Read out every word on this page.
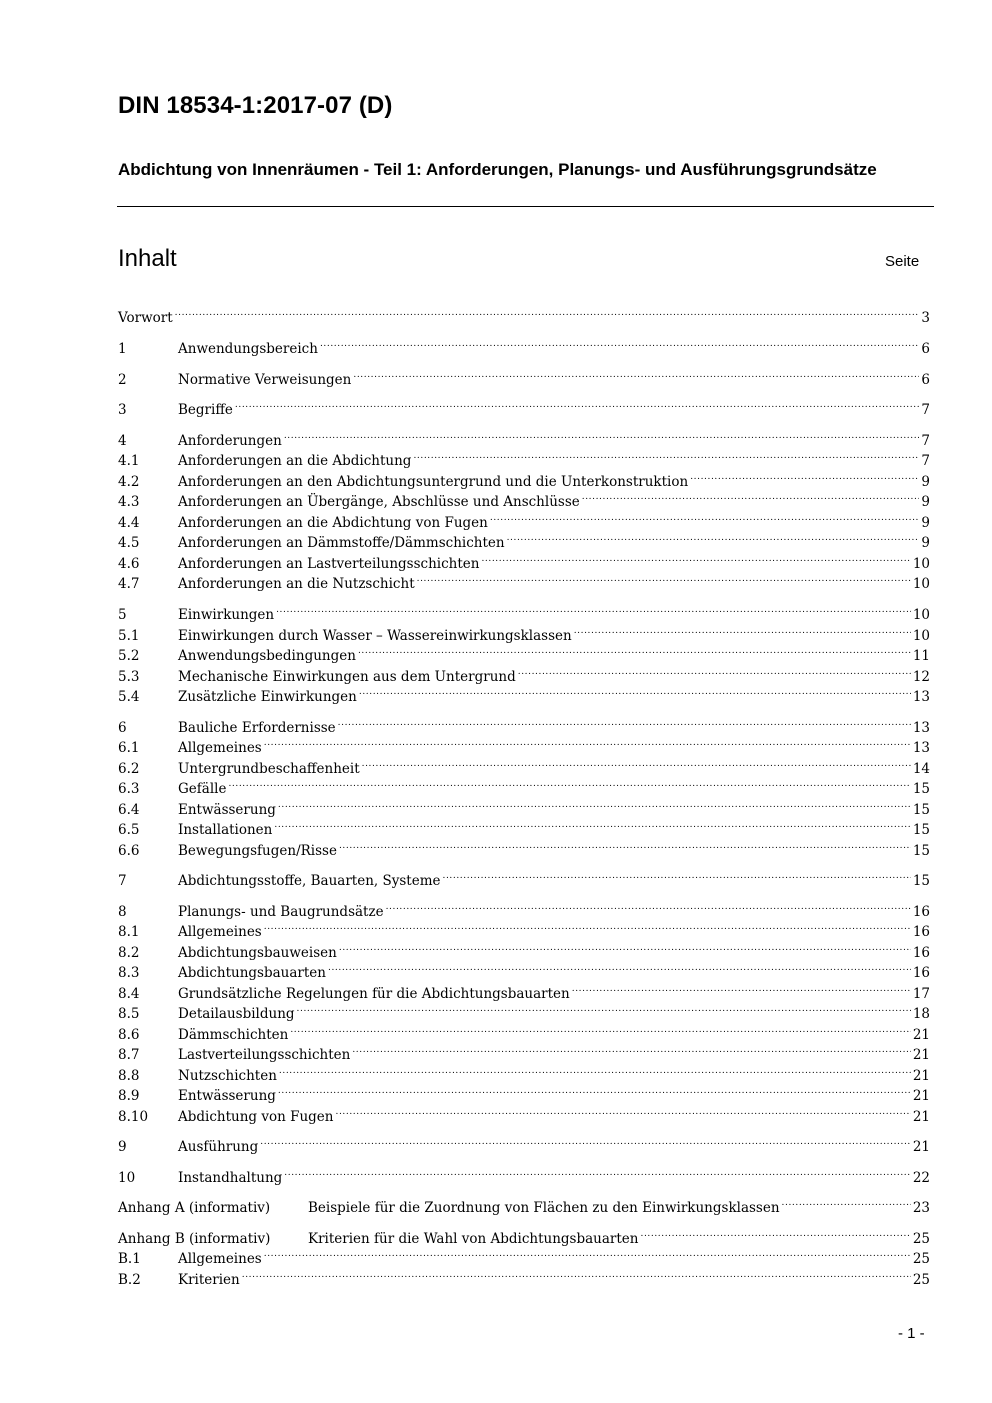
DIN 18534-1:2017-07 (D)
Abdichtung von Innenräumen - Teil 1: Anforderungen, Planungs- und Ausführungsgrundsätze
Inhalt	Seite
Vorwort .....	3
1	Anwendungsbereich .....	6
2	Normative Verweisungen .....	6
3	Begriffe .....	7
4	Anforderungen .....	7
4.1	Anforderungen an die Abdichtung .....	7
4.2	Anforderungen an den Abdichtungsuntergrund und die Unterkonstruktion .....	9
4.3	Anforderungen an Übergänge, Abschlüsse und Anschlüsse .....	9
4.4	Anforderungen an die Abdichtung von Fugen .....	9
4.5	Anforderungen an Dämmstoffe/Dämmschichten .....	9
4.6	Anforderungen an Lastverteilungsschichten .....	10
4.7	Anforderungen an die Nutzschicht .....	10
5	Einwirkungen .....	10
5.1	Einwirkungen durch Wasser – Wassereinwirkungsklassen .....	10
5.2	Anwendungsbedingungen .....	11
5.3	Mechanische Einwirkungen aus dem Untergrund .....	12
5.4	Zusätzliche Einwirkungen .....	13
6	Bauliche Erfordernisse .....	13
6.1	Allgemeines .....	13
6.2	Untergrundbeschaffenheit .....	14
6.3	Gefälle .....	15
6.4	Entwässerung .....	15
6.5	Installationen .....	15
6.6	Bewegungsfugen/Risse .....	15
7	Abdichtungsstoffe, Bauarten, Systeme .....	15
8	Planungs- und Baugrundsätze .....	16
8.1	Allgemeines .....	16
8.2	Abdichtungsbauweisen .....	16
8.3	Abdichtungsbauarten .....	16
8.4	Grundsätzliche Regelungen für die Abdichtungsbauarten .....	17
8.5	Detailausbildung .....	18
8.6	Dämmschichten .....	21
8.7	Lastverteilungsschichten .....	21
8.8	Nutzschichten .....	21
8.9	Entwässerung .....	21
8.10	Abdichtung von Fugen .....	21
9	Ausführung .....	21
10	Instandhaltung .....	22
Anhang A (informativ)	Beispiele für die Zuordnung von Flächen zu den Einwirkungsklassen .....	23
Anhang B (informativ)	Kriterien für die Wahl von Abdichtungsbauarten .....	25
B.1	Allgemeines .....	25
B.2	Kriterien .....	25
- 1 -
